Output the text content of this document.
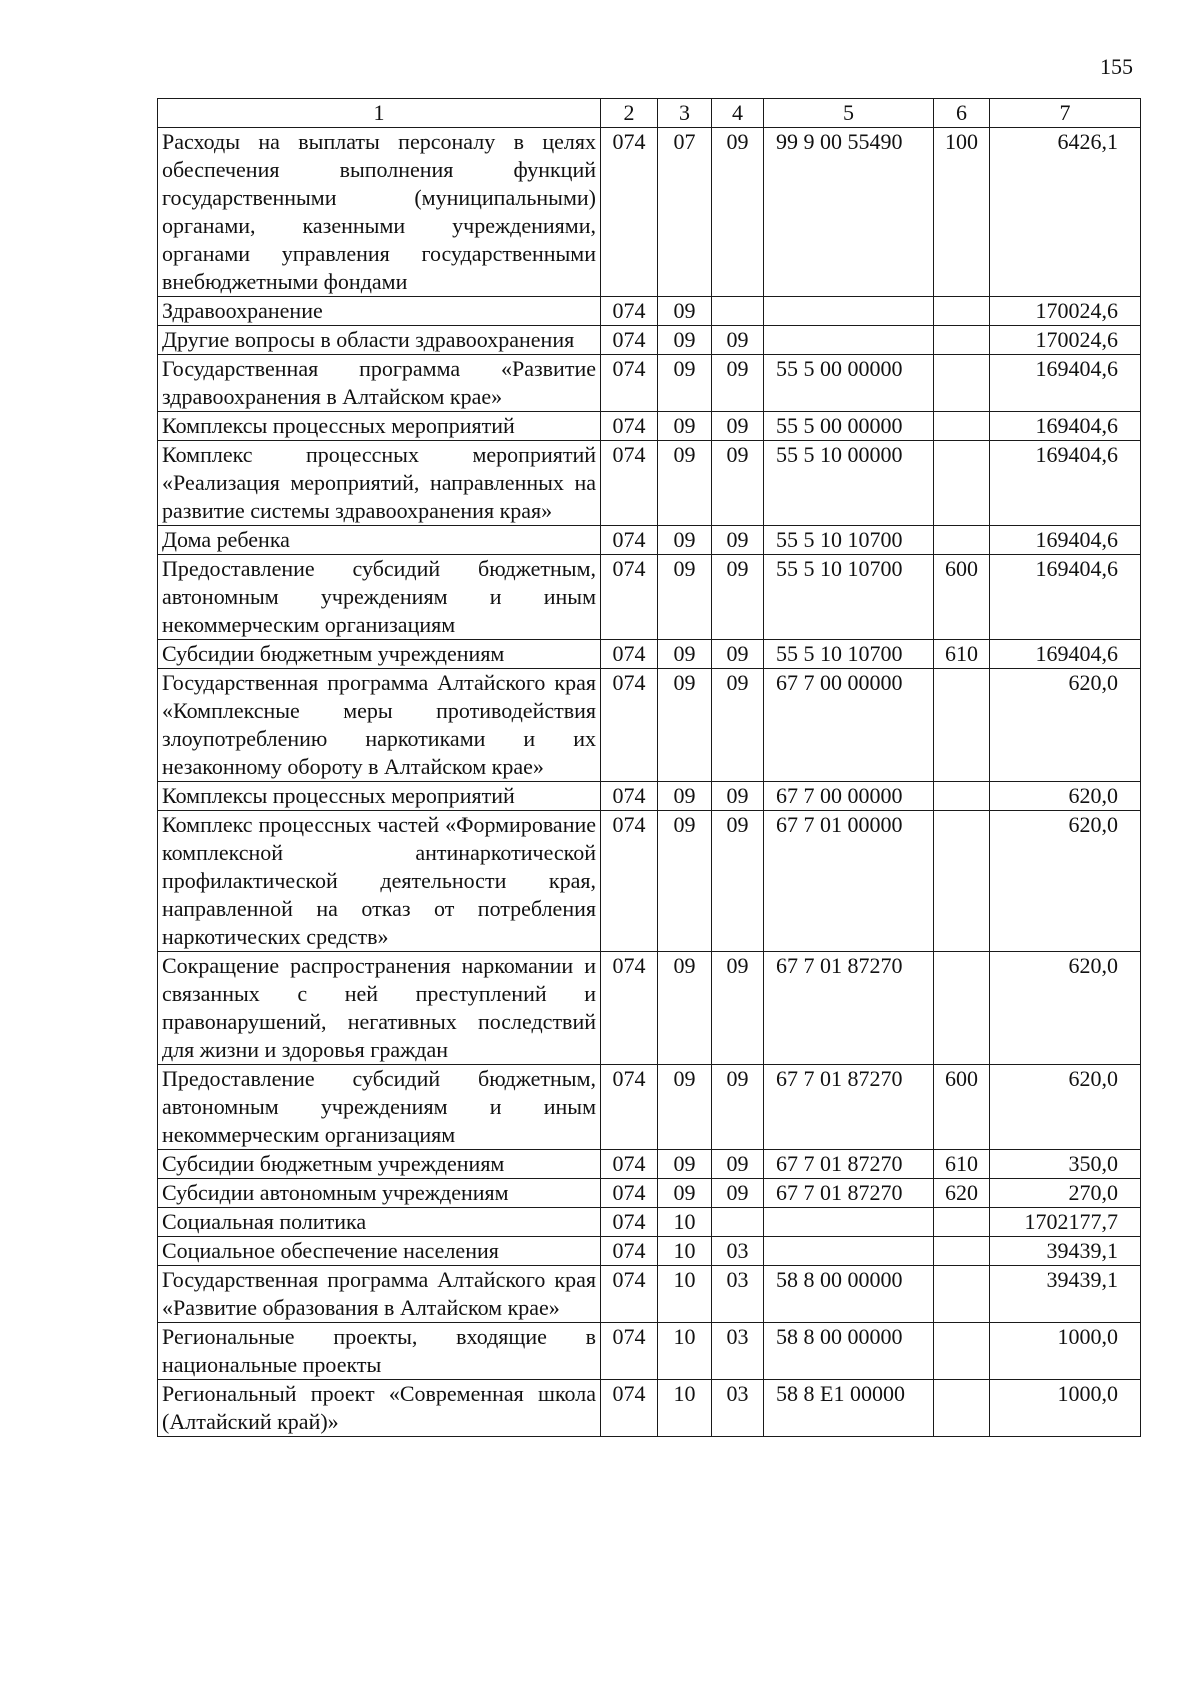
155
1	2	3	4	5	6	7
Расходы на выплаты персоналу в целях обеспечения выполнения функций государственными (муниципальными) органами, казенными учреждениями, органами управления государственными внебюджетными фондами	074	07	09	99 9 00 55490	100	6426,1
Здравоохранение	074	09				170024,6
Другие вопросы в области здравоохранения	074	09	09			170024,6
Государственная программа «Развитие здравоохранения в Алтайском крае»	074	09	09	55 5 00 00000		169404,6
Комплексы процессных мероприятий	074	09	09	55 5 00 00000		169404,6
Комплекс процессных мероприятий «Реализация мероприятий, направленных на развитие системы здравоохранения края»	074	09	09	55 5 10 00000		169404,6
Дома ребенка	074	09	09	55 5 10 10700		169404,6
Предоставление субсидий бюджетным, автономным учреждениям и иным некоммерческим организациям	074	09	09	55 5 10 10700	600	169404,6
Субсидии бюджетным учреждениям	074	09	09	55 5 10 10700	610	169404,6
Государственная программа Алтайского края «Комплексные меры противодействия злоупотреблению наркотиками и их незаконному обороту в Алтайском крае»	074	09	09	67 7 00 00000		620,0
Комплексы процессных мероприятий	074	09	09	67 7 00 00000		620,0
Комплекс процессных частей «Формирование комплексной антинаркотической профилактической деятельности края, направленной на отказ от потребления наркотических средств»	074	09	09	67 7 01 00000		620,0
Сокращение распространения наркомании и связанных с ней преступлений и правонарушений, негативных последствий для жизни и здоровья граждан	074	09	09	67 7 01 87270		620,0
Предоставление субсидий бюджетным, автономным учреждениям и иным некоммерческим организациям	074	09	09	67 7 01 87270	600	620,0
Субсидии бюджетным учреждениям	074	09	09	67 7 01 87270	610	350,0
Субсидии автономным учреждениям	074	09	09	67 7 01 87270	620	270,0
Социальная политика	074	10				1702177,7
Социальное обеспечение населения	074	10	03			39439,1
Государственная программа Алтайского края «Развитие образования в Алтайском крае»	074	10	03	58 8 00 00000		39439,1
Региональные проекты, входящие в национальные проекты	074	10	03	58 8 00 00000		1000,0
Региональный проект «Современная школа (Алтайский край)»	074	10	03	58 8 E1 00000		1000,0
